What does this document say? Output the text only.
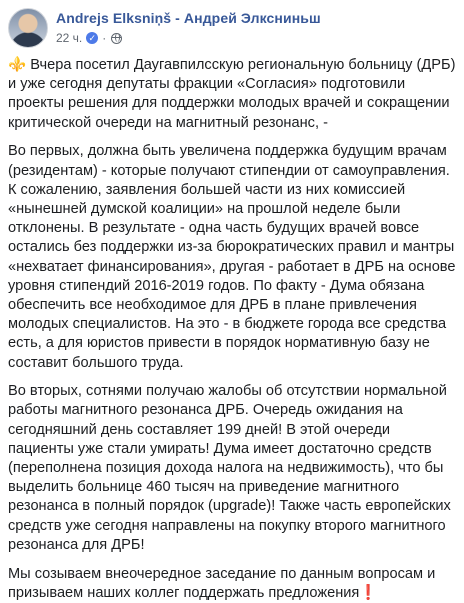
Andrejs Elksniņš - Андрей Элксниньш
22 ч. ✓ ·

⚜️ Вчера посетил Даугавпилсскую региональную больницу (ДРБ) и уже сегодня депутаты фракции «Согласия» подготовили проекты решения для поддержки молодых врачей и сокращении критической очереди на магнитный резонанс, -

Во первых, должна быть увеличена поддержка будущим врачам (резидентам) - которые получают стипендии от самоуправления. К сожалению, заявления большей части из них комиссией «нынешней думской коалиции» на прошлой неделе были отклонены. В результате - одна часть будущих врачей вовсе остались без поддержки из-за бюрократических правил и мантры «нехватает финансирования», другая - работает в ДРБ на основе уровня стипендий 2016-2019 годов. По факту - Дума обязана обеспечить все необходимое для ДРБ в плане привлечения молодых специалистов. На это - в бюджете города все средства есть, а для юристов привести в порядок нормативную базу не составит большого труда.

Во вторых, сотнями получаю жалобы об отсутствии нормальной работы магнитного резонанса ДРБ. Очередь ожидания на сегодняшний день составляет 199 дней! В этой очереди пациенты уже стали умирать! Дума имеет достаточно средств (переполнена позиция дохода налога на недвижимость), что бы выделить больнице 460 тысяч на приведение магнитного резонанса в полный порядок (upgrade)! Также часть европейских средств уже сегодня направлены на покупку второго магнитного резонанса для ДРБ!

Мы созываем внеочередное заседание по данным вопросам и призываем наших коллег поддержать предложения❗
